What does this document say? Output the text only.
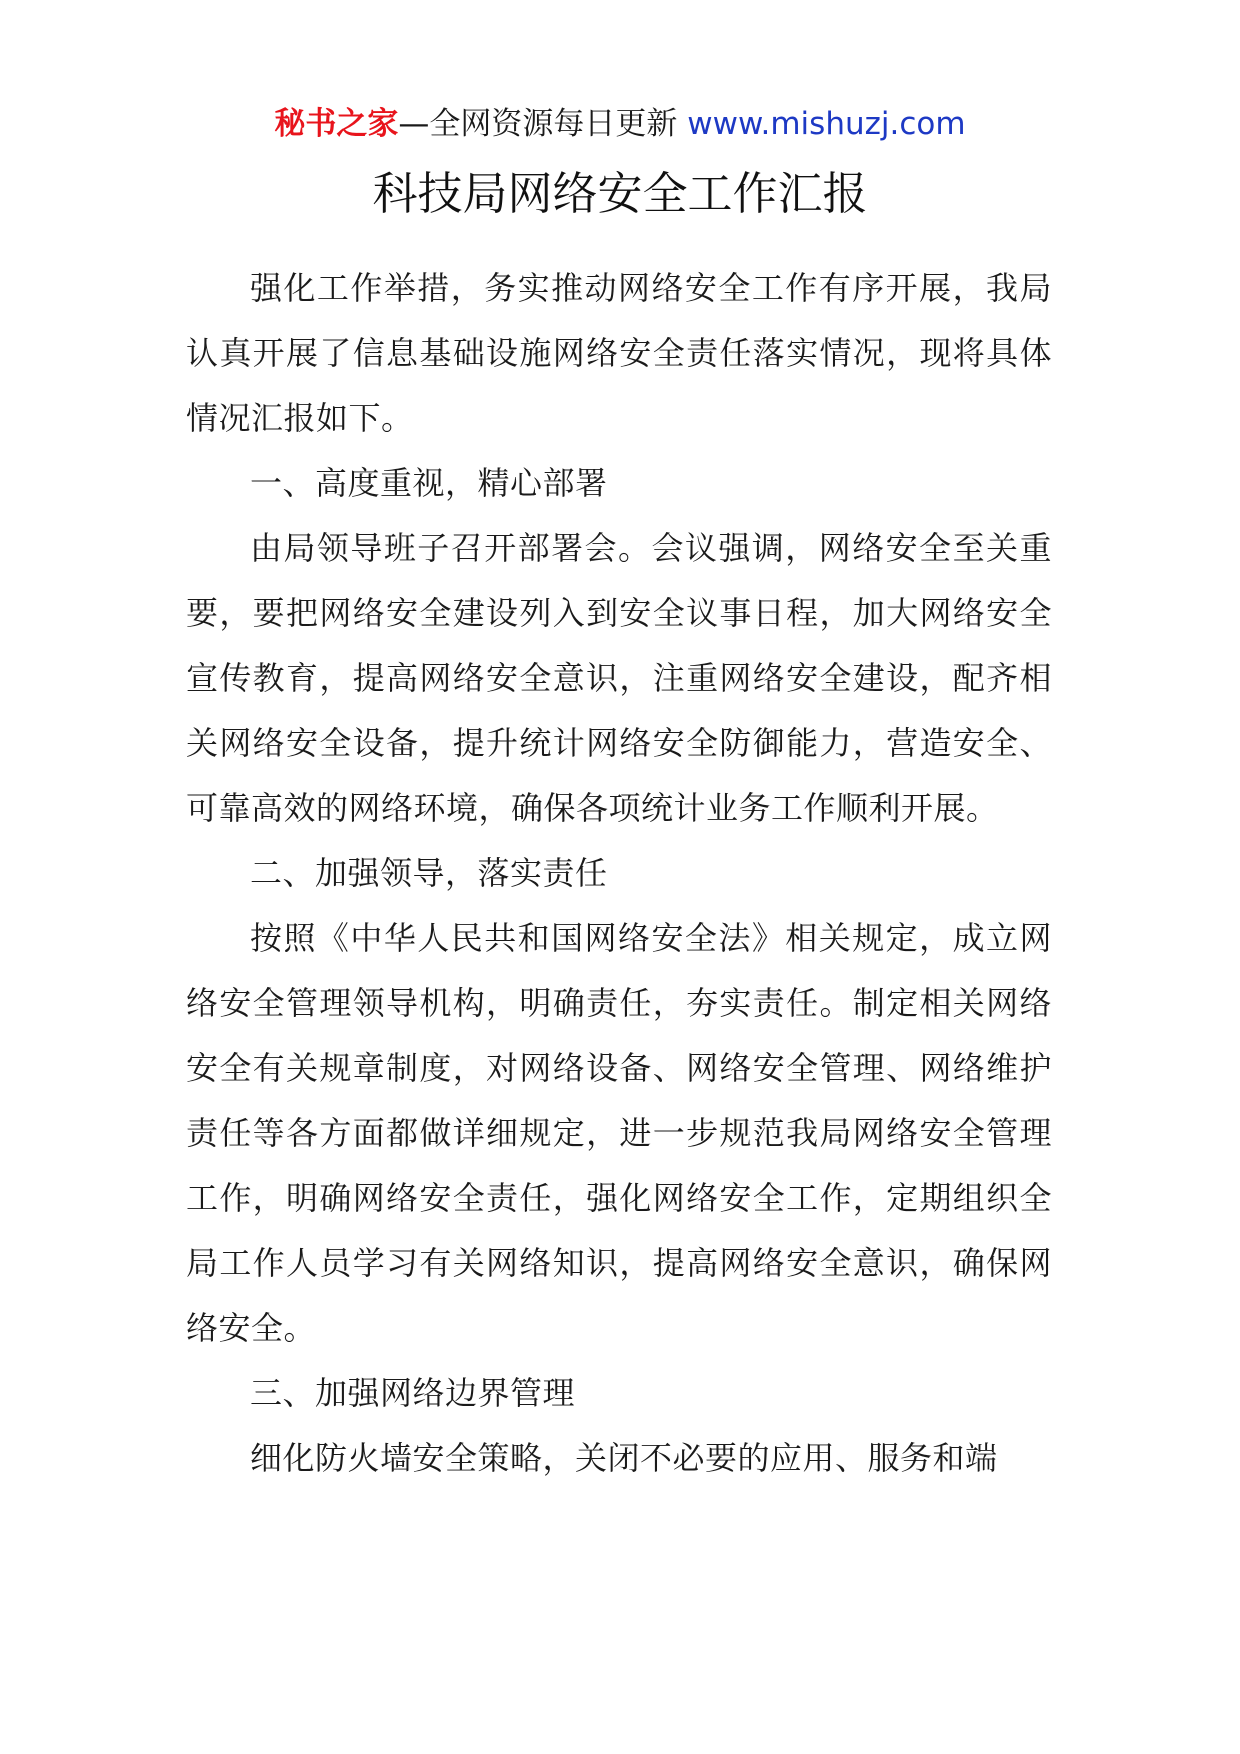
秘书之家—全网资源每日更新 www.mishuzj.com
科技局网络安全工作汇报

强化工作举措，务实推动网络安全工作有序开展，我局认真开展了信息基础设施网络安全责任落实情况，现将具体情况汇报如下。

一、高度重视，精心部署

由局领导班子召开部署会。会议强调，网络安全至关重要，要把网络安全建设列入到安全议事日程，加大网络安全宣传教育，提高网络安全意识，注重网络安全建设，配齐相关网络安全设备，提升统计网络安全防御能力，营造安全、可靠高效的网络环境，确保各项统计业务工作顺利开展。

二、加强领导，落实责任

按照《中华人民共和国网络安全法》相关规定，成立网络安全管理领导机构，明确责任，夯实责任。制定相关网络安全有关规章制度，对网络设备、网络安全管理、网络维护责任等各方面都做详细规定，进一步规范我局网络安全管理工作，明确网络安全责任，强化网络安全工作，定期组织全局工作人员学习有关网络知识，提高网络安全意识，确保网络安全。

三、加强网络边界管理

细化防火墙安全策略，关闭不必要的应用、服务和端
